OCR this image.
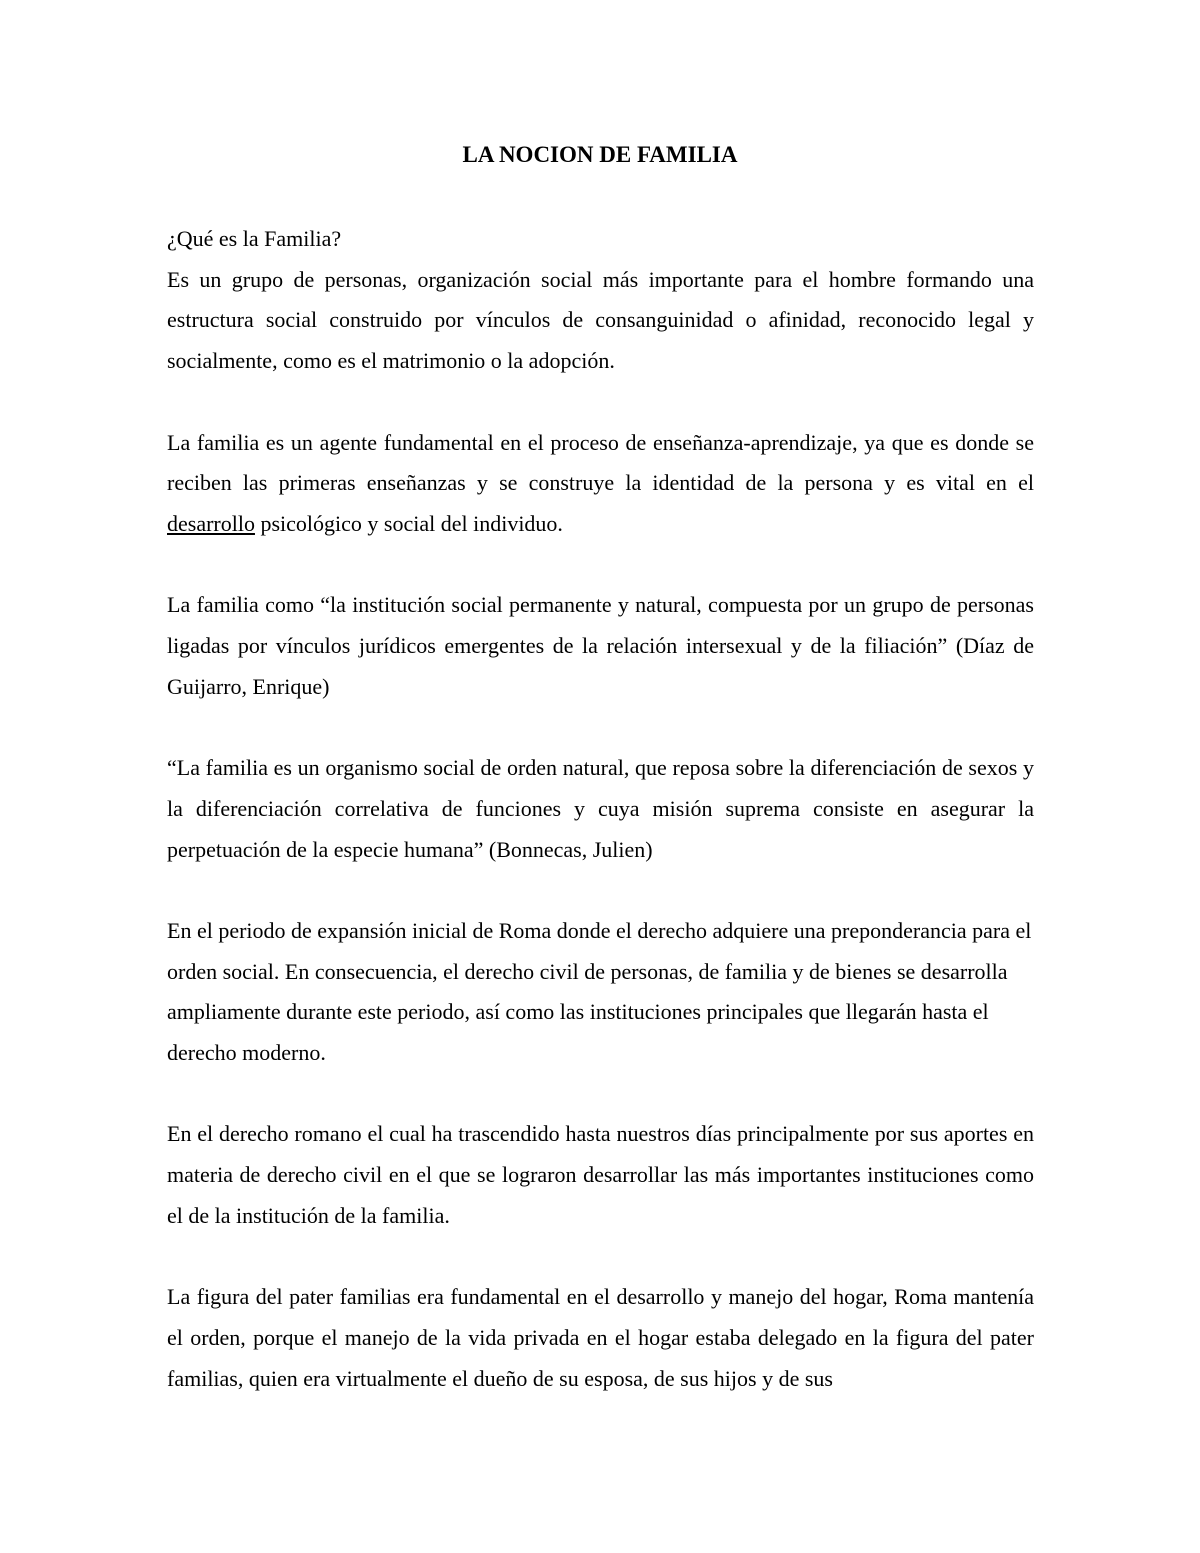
LA NOCION DE FAMILIA

¿Qué es la Familia?

Es un grupo de personas, organización social más importante para el hombre formando una estructura social construido por vínculos de consanguinidad o afinidad, reconocido legal y socialmente, como es el matrimonio o la adopción.

La familia es un agente fundamental en el proceso de enseñanza-aprendizaje, ya que es donde se reciben las primeras enseñanzas y se construye la identidad de la persona y es vital en el desarrollo psicológico y social del individuo.

La familia como “la institución social permanente y natural, compuesta por un grupo de personas ligadas por vínculos jurídicos emergentes de la relación intersexual y de la filiación” (Díaz de Guijarro, Enrique)

“La familia es un organismo social de orden natural, que reposa sobre la diferenciación de sexos y la diferenciación correlativa de funciones y cuya misión suprema consiste en asegurar la perpetuación de la especie humana” (Bonnecas, Julien)

En el periodo de expansión inicial de Roma donde el derecho adquiere una preponderancia para el orden social. En consecuencia, el derecho civil de personas, de familia y de bienes se desarrolla ampliamente durante este periodo, así como las instituciones principales que llegarán hasta el derecho moderno.

En el derecho romano el cual ha trascendido hasta nuestros días principalmente por sus aportes en materia de derecho civil en el que se lograron desarrollar las más importantes instituciones como el de la institución de la familia.

La figura del pater familias era fundamental en el desarrollo y manejo del hogar, Roma mantenía el orden, porque el manejo de la vida privada en el hogar estaba delegado en la figura del pater familias, quien era virtualmente el dueño de su esposa, de sus hijos y de sus
